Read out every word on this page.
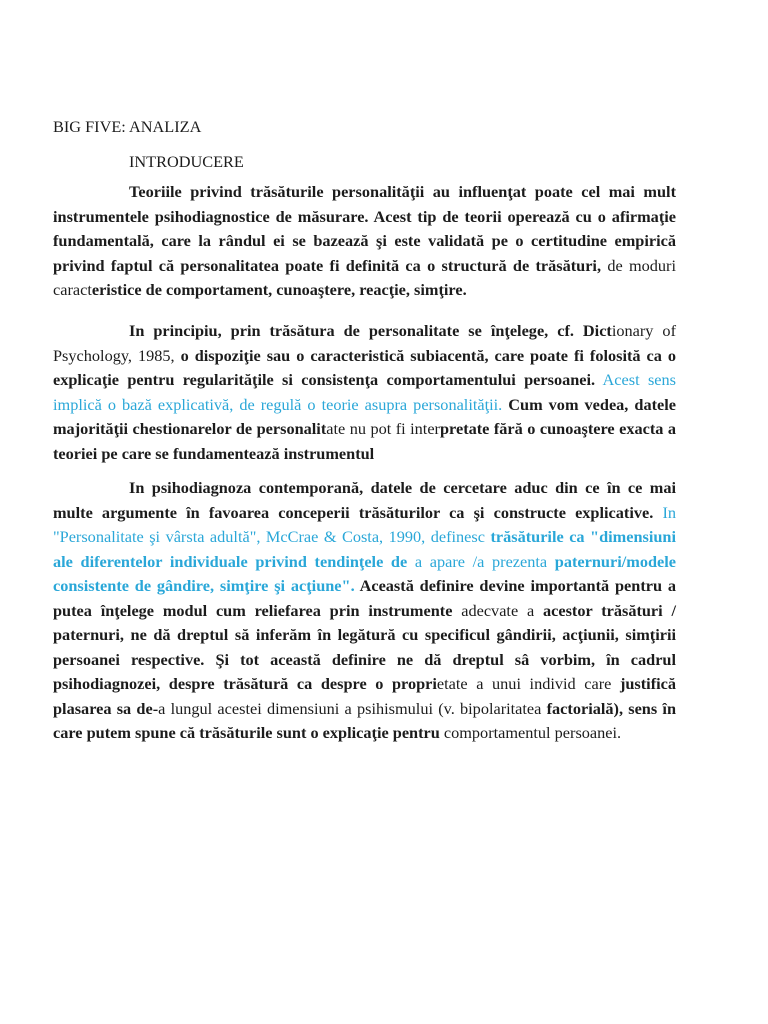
BIG FIVE: ANALIZA
INTRODUCERE

Teoriile privind trăsăturile personalităţii au influenţat poate cel mai mult instrumentele psihodiagnostice de măsurare. Acest tip de teorii operează cu o afirmaţie fundamentală, care la rândul ei se bazează şi este validată pe o certitudine empirică privind faptul că personalitatea poate fi definită ca o structură de trăsături, de moduri caracteristice de comportament, cunoaştere, reacţie, simţire.

In principiu, prin trăsătura de personalitate se înţelege, cf. Dictionary of Psychology, 1985, o dispoziţie sau o caracteristică subiacentă, care poate fi folosită ca o explicaţie pentru regularităţile si consistenţa comportamentului persoanei. Acest sens implică o bază explicativă, de regulă o teorie asupra personalităţii. Cum vom vedea, datele majorităţii chestionarelor de personalitate nu pot fi interpretate fără o cunoaştere exacta a teoriei pe care se fundamentează instrumentul

In psihodiagnoza contemporană, datele de cercetare aduc din ce în ce mai multe argumente în favoarea conceperii trăsăturilor ca şi constructe explicative. In "Personalitate şi vârsta adultă", McCrae & Costa, 1990, definesc trăsăturile ca "dimensiuni ale diferentelor individuale privind tendinţele de a apare /a prezenta paternuri/modele consistente de gândire, simţire şi acţiune". Această definire devine importantă pentru a putea înţelege modul cum reliefarea prin instrumente adecvate a acestor trăsături / paternuri, ne dă dreptul să inferăm în legătură cu specificul gândirii, acţiunii, simţirii persoanei respective. Şi tot această definire ne dă dreptul sâ vorbim, în cadrul psihodiagnozei, despre trăsătură ca despre o proprietate a unui individ care justifică plasarea sa de-a lungul acestei dimensiuni a psihismului (v. bipolaritatea factorială), sens în care putem spune că trăsăturile sunt o explicaţie pentru comportamentul persoanei.
